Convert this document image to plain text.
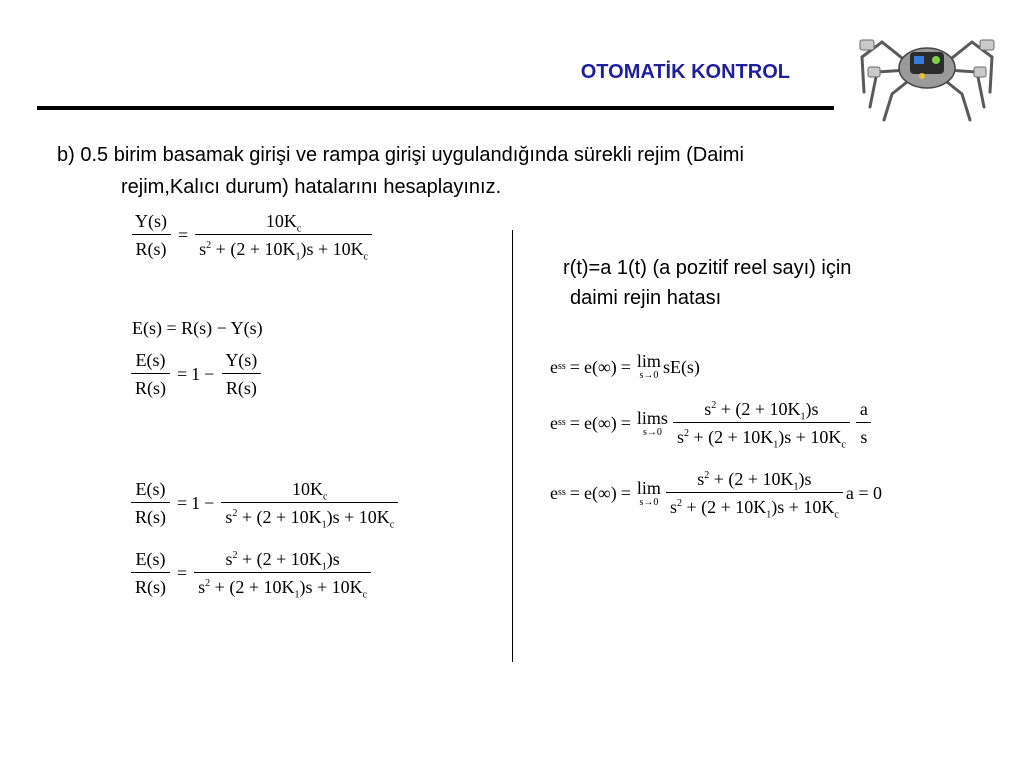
OTOMATİK KONTROL
b) 0.5 birim basamak girişi ve rampa girişi uygulandığında sürekli rejim (Daimi
rejim,Kalıcı durum) hatalarını hesaplayınız.
$\frac{Y(s)}{R(s)} = \frac{10K_c}{s^2 + (2 + 10K_1)s + 10K_c}$
E(s) = R(s) − Y(s)
$\frac{E(s)}{R(s)} = 1 - \frac{Y(s)}{R(s)}$
$\frac{E(s)}{R(s)} = 1 - \frac{10K_c}{s^2 + (2 + 10K_1)s + 10K_c}$
$\frac{E(s)}{R(s)} = \frac{s^2 + (2 + 10K_1)s}{s^2 + (2 + 10K_1)s + 10K_c}$
r(t)=a 1(t) (a pozitif reel sayı) için
daimi rejin hatası
e ss = e(∞) = lim
s→0 sE(s)
e ss = e(∞) = lims
$s\to 0 \frac{s^2 + (2 + 10K_1)s}{s^2 + (2 + 10K_1)s + 10K_c} \frac{a}{s}$
e ss = e(∞) = lim
$s\to 0 \frac{s^2 + (2 + 10K_1)s}{s^2 + (2 + 10K_1)s + 10K_c}$ a = 0
